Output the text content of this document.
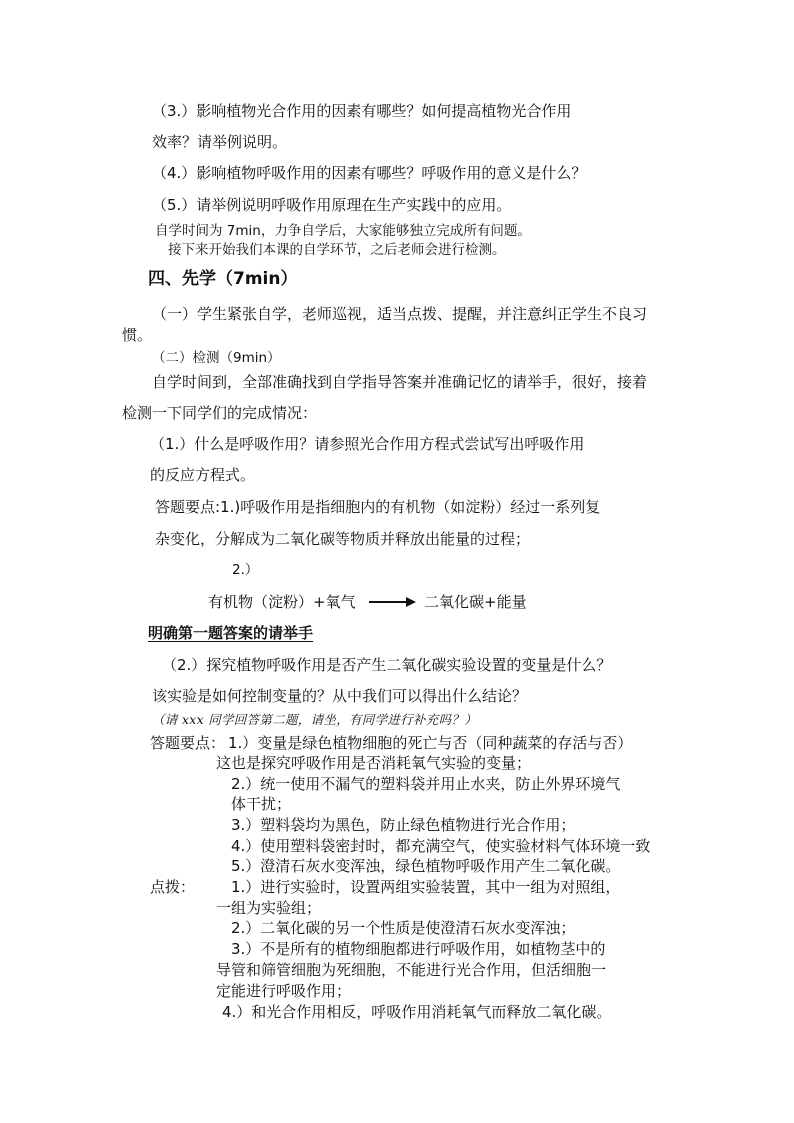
（3.）影响植物光合作用的因素有哪些？如何提高植物光合作用
效率？请举例说明。
（4.）影响植物呼吸作用的因素有哪些？呼吸作用的意义是什么？
（5.）请举例说明呼吸作用原理在生产实践中的应用。
自学时间为 7min，力争自学后，大家能够独立完成所有问题。
接下来开始我们本课的自学环节，之后老师会进行检测。
四、先学（7min）
（一）学生紧张自学，老师巡视，适当点拨、提醒，并注意纠正学生不良习
惯。
（二）检测（9min）
自学时间到，全部准确找到自学指导答案并准确记忆的请举手，很好，接着
检测一下同学们的完成情况：
（1.）什么是呼吸作用？请参照光合作用方程式尝试写出呼吸作用
的反应方程式。
答题要点:1.)呼吸作用是指细胞内的有机物（如淀粉）经过一系列复
杂变化，分解成为二氧化碳等物质并释放出能量的过程；
2.）
有机物（淀粉）+氧气 → 二氧化碳+能量
明确第一题答案的请举手
（2.）探究植物呼吸作用是否产生二氧化碳实验设置的变量是什么？
该实验是如何控制变量的？从中我们可以得出什么结论？
（请 xxx 同学回答第二题，请坐，有同学进行补充吗？）
答题要点： 1.）变量是绿色植物细胞的死亡与否（同种蔬菜的存活与否）
这也是探究呼吸作用是否消耗氧气实验的变量；
2.）统一使用不漏气的塑料袋并用止水夹，防止外界环境气
体干扰；
3.）塑料袋均为黑色，防止绿色植物进行光合作用；
4.）使用塑料袋密封时，都充满空气，使实验材料气体环境一致
5.）澄清石灰水变浑浊，绿色植物呼吸作用产生二氧化碳。
点拨： 1.）进行实验时，设置两组实验装置，其中一组为对照组，
一组为实验组；
2.）二氧化碳的另一个性质是使澄清石灰水变浑浊；
3.）不是所有的植物细胞都进行呼吸作用，如植物茎中的
导管和筛管细胞为死细胞，不能进行光合作用，但活细胞一
定能进行呼吸作用；
4.）和光合作用相反，呼吸作用消耗氧气而释放二氧化碳。
